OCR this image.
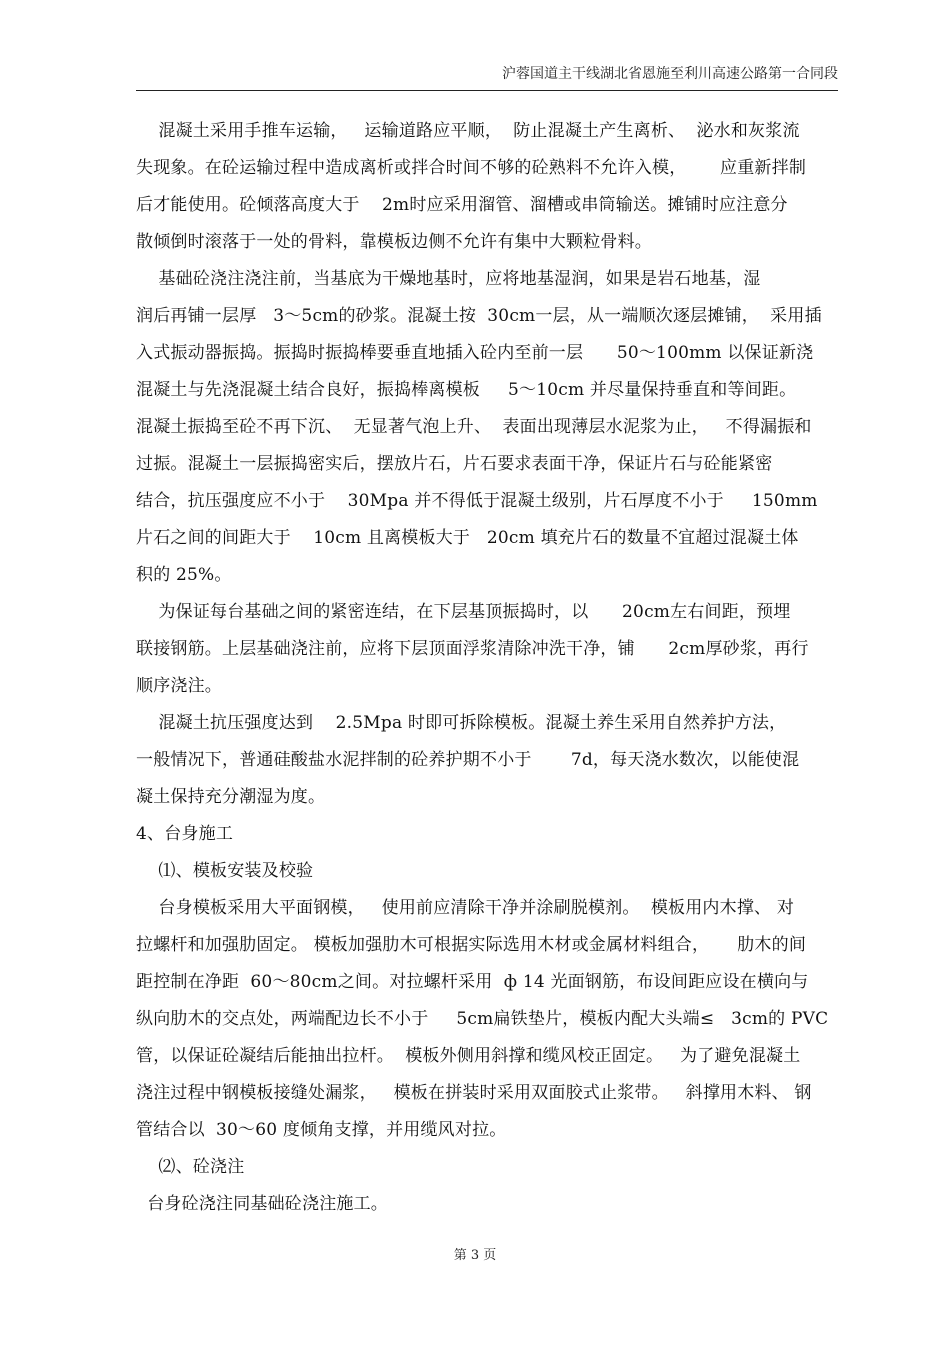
沪蓉国道主干线湖北省恩施至利川高速公路第一合同段
混凝土采用手推车运输，   运输道路应平顺，  防止混凝土产生离析、  泌水和灰浆流
失现象。在砼运输过程中造成离析或拌合时间不够的砼熟料不允许入模，      应重新拌制
后才能使用。砼倾落高度大于    2m时应采用溜管、溜槽或串筒输送。摊铺时应注意分
散倾倒时滚落于一处的骨料，靠模板边侧不允许有集中大颗粒骨料。
基础砼浇注浇注前，当基底为干燥地基时，应将地基湿润，如果是岩石地基，湿
润后再铺一层厚   3～5cm的砂浆。混凝土按  30cm一层，从一端顺次逐层摊铺，  采用插
入式振动器振捣。振捣时振捣棒要垂直地插入砼内至前一层      50～100mm 以保证新浇
混凝土与先浇混凝土结合良好，振捣棒离模板     5～10cm 并尽量保持垂直和等间距。
混凝土振捣至砼不再下沉、  无显著气泡上升、  表面出现薄层水泥浆为止，   不得漏振和
过振。混凝土一层振捣密实后，摆放片石，片石要求表面干净，保证片石与砼能紧密
结合，抗压强度应不小于    30Mpa 并不得低于混凝土级别，片石厚度不小于     150mm
片石之间的间距大于    10cm 且离模板大于   20cm 填充片石的数量不宜超过混凝土体
积的 25%。
为保证每台基础之间的紧密连结，在下层基顶振捣时，以      20cm左右间距，预埋
联接钢筋。上层基础浇注前，应将下层顶面浮浆清除冲洗干净，铺      2cm厚砂浆，再行
顺序浇注。
混凝土抗压强度达到    2.5Mpa 时即可拆除模板。混凝土养生采用自然养护方法，
一般情况下，普通硅酸盐水泥拌制的砼养护期不小于       7d，每天浇水数次，以能使混
凝土保持充分潮湿为度。
4、台身施工
⑴、模板安装及校验
台身模板采用大平面钢模，   使用前应清除干净并涂刷脱模剂。  模板用内木撑、 对
拉螺杆和加强肋固定。 模板加强肋木可根据实际选用木材或金属材料组合，     肋木的间
距控制在净距  60～80cm之间。对拉螺杆采用  ф 14 光面钢筋，布设间距应设在横向与
纵向肋木的交点处，两端配边长不小于     5cm扁铁垫片，模板内配大头端≤   3cm的 PVC
管，以保证砼凝结后能抽出拉杆。  模板外侧用斜撑和缆风校正固定。   为了避免混凝土
浇注过程中钢模板接缝处漏浆，   模板在拼装时采用双面胶式止浆带。   斜撑用木料、 钢
管结合以  30～60 度倾角支撑，并用缆风对拉。
⑵、砼浇注
台身砼浇注同基础砼浇注施工。
第 3 页
